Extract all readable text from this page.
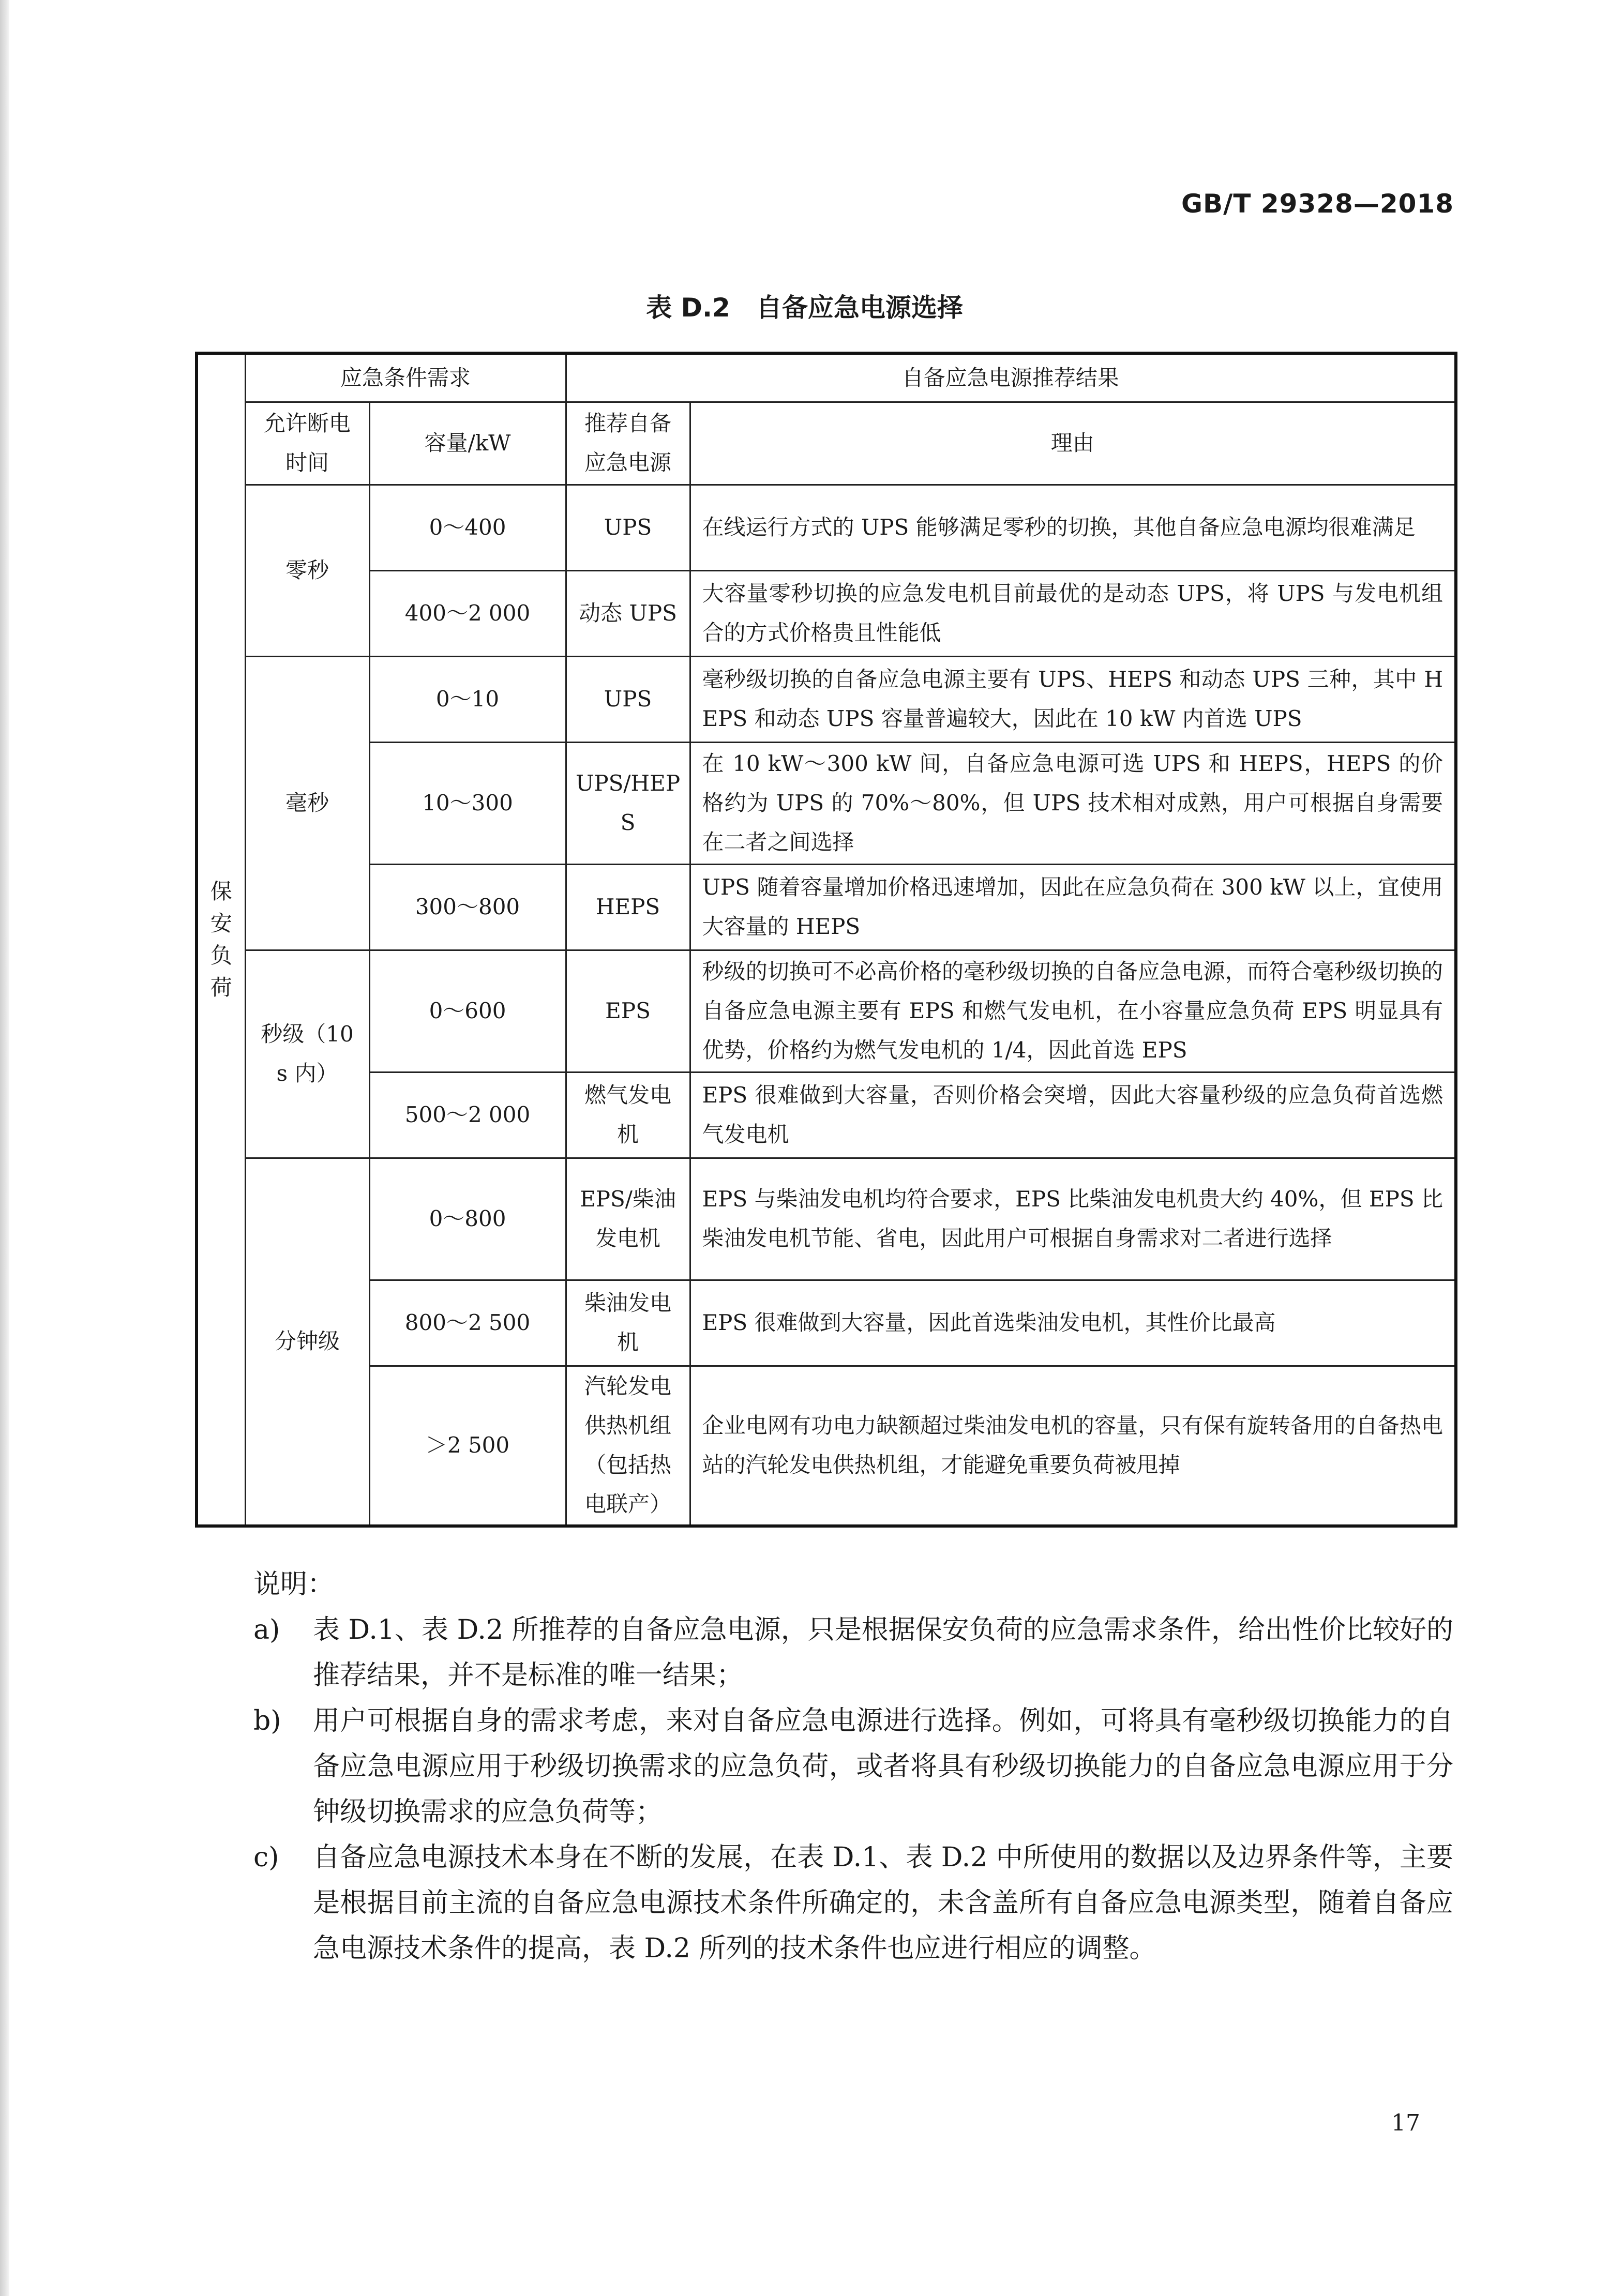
GB/T 29328—2018
表 D.2 自备应急电源选择
保安负荷	应急条件需求		自备应急电源推荐结果	
	允许断电时间	容量/kW	推荐自备应急电源	理由
	零秒	0～400	UPS	在线运行方式的 UPS 能够满足零秒的切换，其他自备应急电源均很难满足
		400～2 000	动态 UPS	大容量零秒切换的应急发电机目前最优的是动态 UPS，将 UPS 与发电机组合的方式价格贵且性能低
	毫秒	0～10	UPS	毫秒级切换的自备应急电源主要有 UPS、HEPS 和动态 UPS 三种，其中 HEPS 和动态 UPS 容量普遍较大，因此在 10 kW 内首选 UPS
		10～300	UPS/HEPS	在 10 kW～300 kW 间，自备应急电源可选 UPS 和 HEPS，HEPS 的价格约为 UPS 的 70%～80%，但 UPS 技术相对成熟，用户可根据自身需要在二者之间选择
		300～800	HEPS	UPS 随着容量增加价格迅速增加，因此在应急负荷在 300 kW 以上，宜使用大容量的 HEPS
	秒级（10 s 内）	0～600	EPS	秒级的切换可不必高价格的毫秒级切换的自备应急电源，而符合毫秒级切换的自备应急电源主要有 EPS 和燃气发电机，在小容量应急负荷 EPS 明显具有优势，价格约为燃气发电机的 1/4，因此首选 EPS
		500～2 000	燃气发电机	EPS 很难做到大容量，否则价格会突增，因此大容量秒级的应急负荷首选燃气发电机
	分钟级	0～800	EPS/柴油发电机	EPS 与柴油发电机均符合要求，EPS 比柴油发电机贵大约 40%，但 EPS 比柴油发电机节能、省电，因此用户可根据自身需求对二者进行选择
		800～2 500	柴油发电机	EPS 很难做到大容量，因此首选柴油发电机，其性价比最高
		＞2 500	汽轮发电供热机组（包括热电联产）	企业电网有功电力缺额超过柴油发电机的容量，只有保有旋转备用的自备热电站的汽轮发电供热机组，才能避免重要负荷被甩掉
说明：
a)	表 D.1、表 D.2 所推荐的自备应急电源，只是根据保安负荷的应急需求条件，给出性价比较好的推荐结果，并不是标准的唯一结果；
b)	用户可根据自身的需求考虑，来对自备应急电源进行选择。例如，可将具有毫秒级切换能力的自备应急电源应用于秒级切换需求的应急负荷，或者将具有秒级切换能力的自备应急电源应用于分钟级切换需求的应急负荷等；
c)	自备应急电源技术本身在不断的发展，在表 D.1、表 D.2 中所使用的数据以及边界条件等，主要是根据目前主流的自备应急电源技术条件所确定的，未含盖所有自备应急电源类型，随着自备应急电源技术条件的提高，表 D.2 所列的技术条件也应进行相应的调整。
17
